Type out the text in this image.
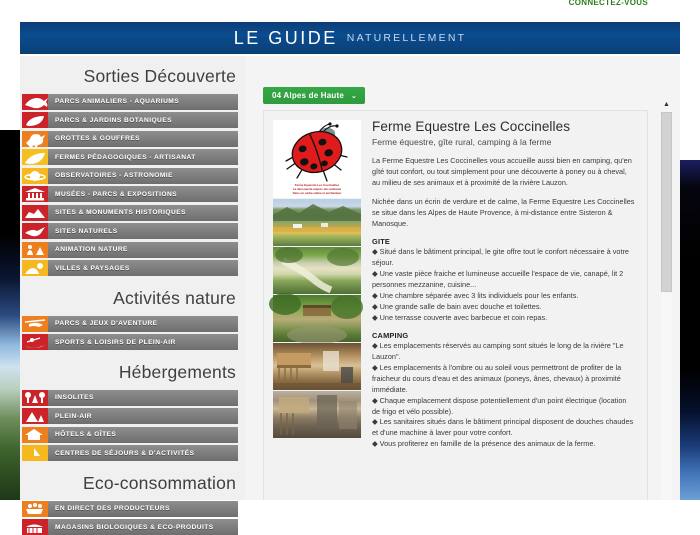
CONNECTEZ-VOUS
LE GUIDE NATURELLEMENT
Sorties Découverte
PARCS ANIMALIERS - AQUARIUMS
PARCS & JARDINS BOTANIQUES
GROTTES & GOUFFRES
FERMES PÉDAGOGIQUES - ARTISANAT
OBSERVATOIRES - ASTRONOMIE
MUSÉES - PARCS & EXPOSITIONS
SITES & MONUMENTS HISTORIQUES
SITES NATURELS
ANIMATION NATURE
VILLES & PAYSAGES
Activités nature
PARCS & JEUX D'AVENTURE
SPORTS & LOISIRS DE PLEIN-AIR
Hébergements
INSOLITES
PLEIN-AIR
HÔTELS & GÎTES
CENTRES DE SÉJOURS & D'ACTIVITÉS
Eco-consommation
EN DIRECT DES PRODUCTEURS
MAGASINS BIOLOGIQUES & ECO-PRODUITS
04 Alpes de Haute ⌄
Ferme Equestre Les Coccinelles
La découverte auprès des animaux
Dans un cadre calme et enchanteur
Ferme Equestre Les Coccinelles
Ferme équestre, gîte rural, camping à la ferme
La Ferme Equestre Les Coccinelles vous accueille aussi bien en camping, qu'en gîté tout confort, ou tout simplement pour une découverte à poney ou à cheval, au milieu de ses animaux et à proximité de la rivière Lauzon.
Nichée dans un écrin de verdure et de calme, la Ferme Equestre Les Coccinelles se situe dans les Alpes de Haute Provence, à mi-distance entre Sisteron & Manosque.
GITE
◆ Situé dans le bâtiment principal, le gite offre tout le confort nécessaire à votre séjour.
◆ Une vaste pièce fraiche et lumineuse accueille l'espace de vie, canapé, lit 2 personnes mezzanine, cuisine...
◆ Une chambre séparée avec 3 lits individuels pour les enfants.
◆ Une grande salle de bain avec douche et toilettes.
◆ Une terrasse couverte avec barbecue et coin repas.
CAMPING
◆ Les emplacements réservés au camping sont situés le long de la rivière "Le Lauzon".
◆ Les emplacements à l'ombre ou au soleil vous permettront de profiter de la fraicheur du cours d'eau et des animaux (poneys, ânes, chevaux) à proximité immédiate.
◆ Chaque emplacement dispose potentiellement d'un point électrique (location de frigo et vélo possible).
◆ Les sanitaires situés dans le bâtiment principal disposent de douches chaudes et d'une machine à laver pour votre confort.
◆ Vous profiterez en famille de la présence des animaux de la ferme.
▲
